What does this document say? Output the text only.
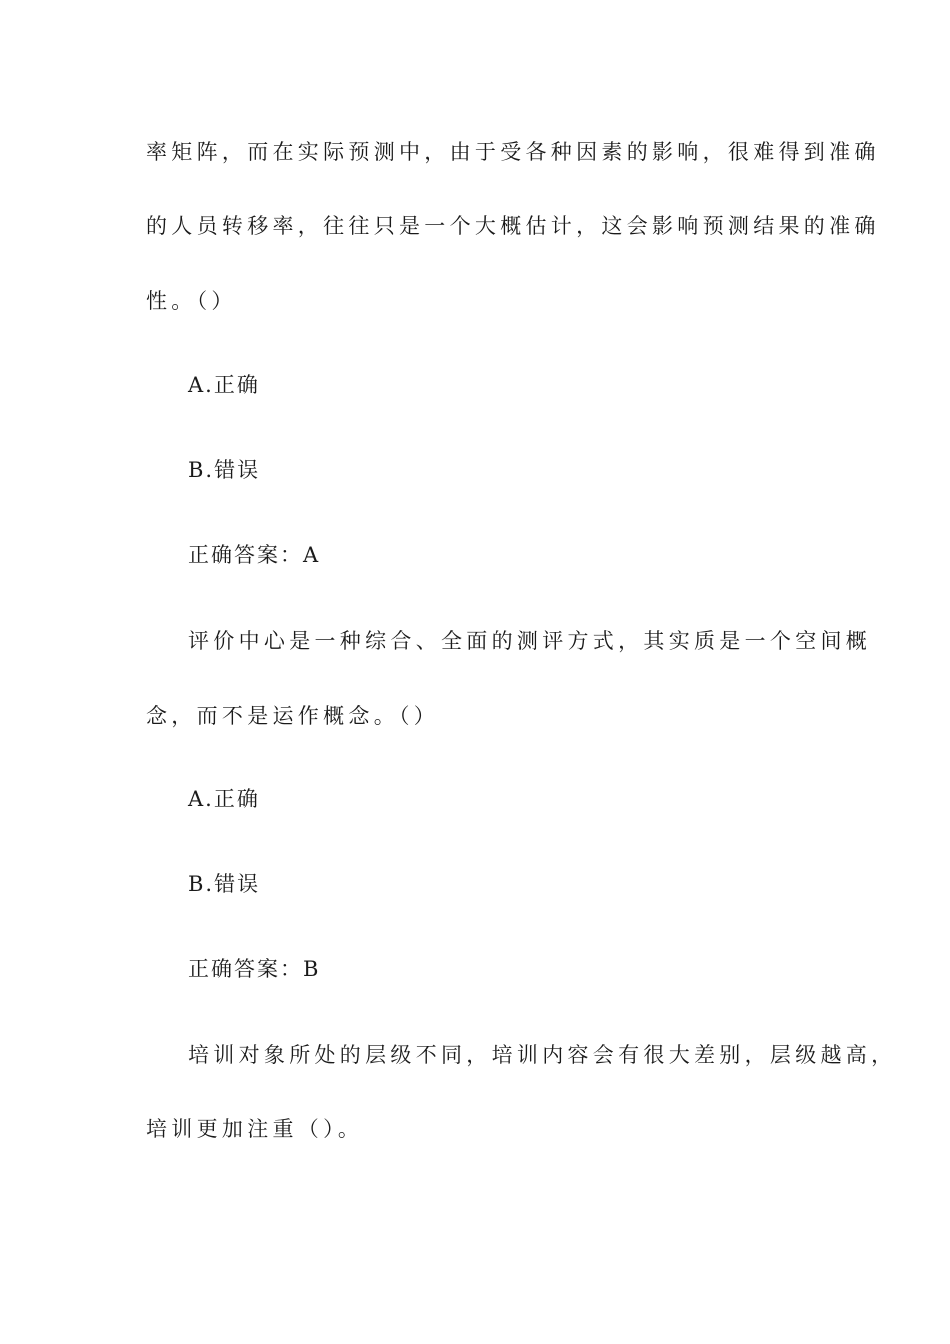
率矩阵，而在实际预测中，由于受各种因素的影响，很难得到准确
的人员转移率，往往只是一个大概估计，这会影响预测结果的准确
性。（）
A.正确
B.错误
正确答案：A
评价中心是一种综合、全面的测评方式，其实质是一个空间概
念，而不是运作概念。（）
A.正确
B.错误
正确答案：B
培训对象所处的层级不同，培训内容会有很大差别，层级越高，
培训更加注重（）。
